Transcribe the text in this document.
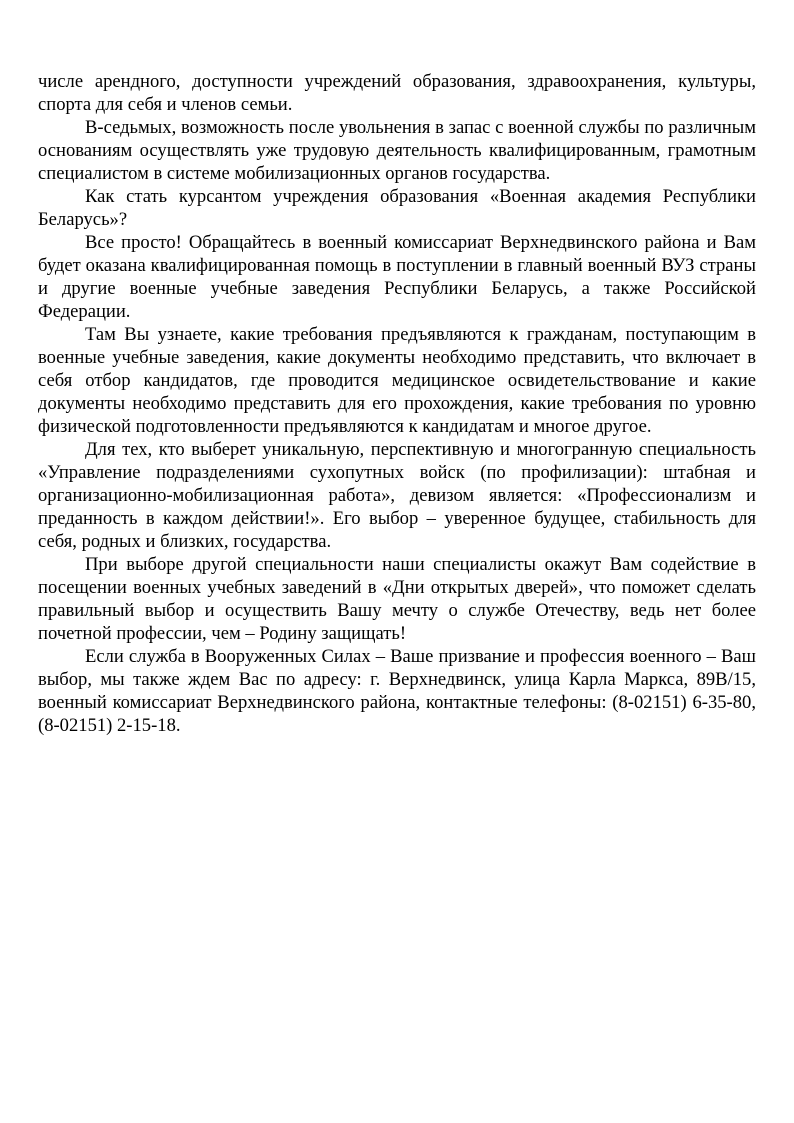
числе арендного, доступности учреждений образования, здравоохранения, культуры, спорта для себя и членов семьи.

В-седьмых, возможность после увольнения в запас с военной службы по различным основаниям осуществлять уже трудовую деятельность квалифицированным, грамотным специалистом в системе мобилизационных органов государства.

Как стать курсантом учреждения образования «Военная академия Республики Беларусь»?

Все просто! Обращайтесь в военный комиссариат Верхнедвинского района и Вам будет оказана квалифицированная помощь в поступлении в главный военный ВУЗ страны и другие военные учебные заведения Республики Беларусь, а также Российской Федерации.

Там Вы узнаете, какие требования предъявляются к гражданам, поступающим в военные учебные заведения, какие документы необходимо представить, что включает в себя отбор кандидатов, где проводится медицинское освидетельствование и какие документы необходимо представить для его прохождения, какие требования по уровню физической подготовленности предъявляются к кандидатам и многое другое.

Для тех, кто выберет уникальную, перспективную и многогранную специальность «Управление подразделениями сухопутных войск (по профилизации): штабная и организационно-мобилизационная работа», девизом является: «Профессионализм и преданность в каждом действии!». Его выбор – уверенное будущее, стабильность для себя, родных и близких, государства.

При выборе другой специальности наши специалисты окажут Вам содействие в посещении военных учебных заведений в «Дни открытых дверей», что поможет сделать правильный выбор и осуществить Вашу мечту о службе Отечеству, ведь нет более почетной профессии, чем – Родину защищать!

Если служба в Вооруженных Силах – Ваше призвание и профессия военного – Ваш выбор, мы также ждем Вас по адресу: г. Верхнедвинск, улица Карла Маркса, 89В/15, военный комиссариат Верхнедвинского района, контактные телефоны: (8-02151) 6-35-80, (8-02151) 2-15-18.
